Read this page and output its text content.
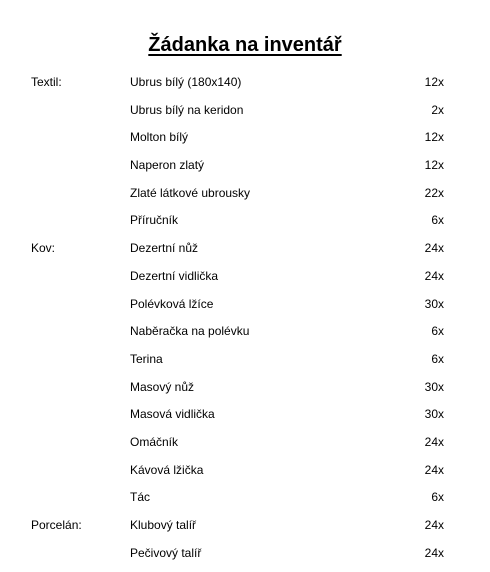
Žádanka na inventář
Textil:	Ubrus bílý (180x140)	12x
Ubrus bílý na keridon	2x
Molton bílý	12x
Naperon zlatý	12x
Zlaté látkové ubrousky	22x
Příručník	6x
Kov:	Dezertní nůž	24x
Dezertní vidlička	24x
Polévková lžíce	30x
Naběračka na polévku	6x
Terina	6x
Masový nůž	30x
Masová vidlička	30x
Omáčník	24x
Kávová lžička	24x
Tác	6x
Porcelán:	Klubový talíř	24x
Pečivový talíř	24x
